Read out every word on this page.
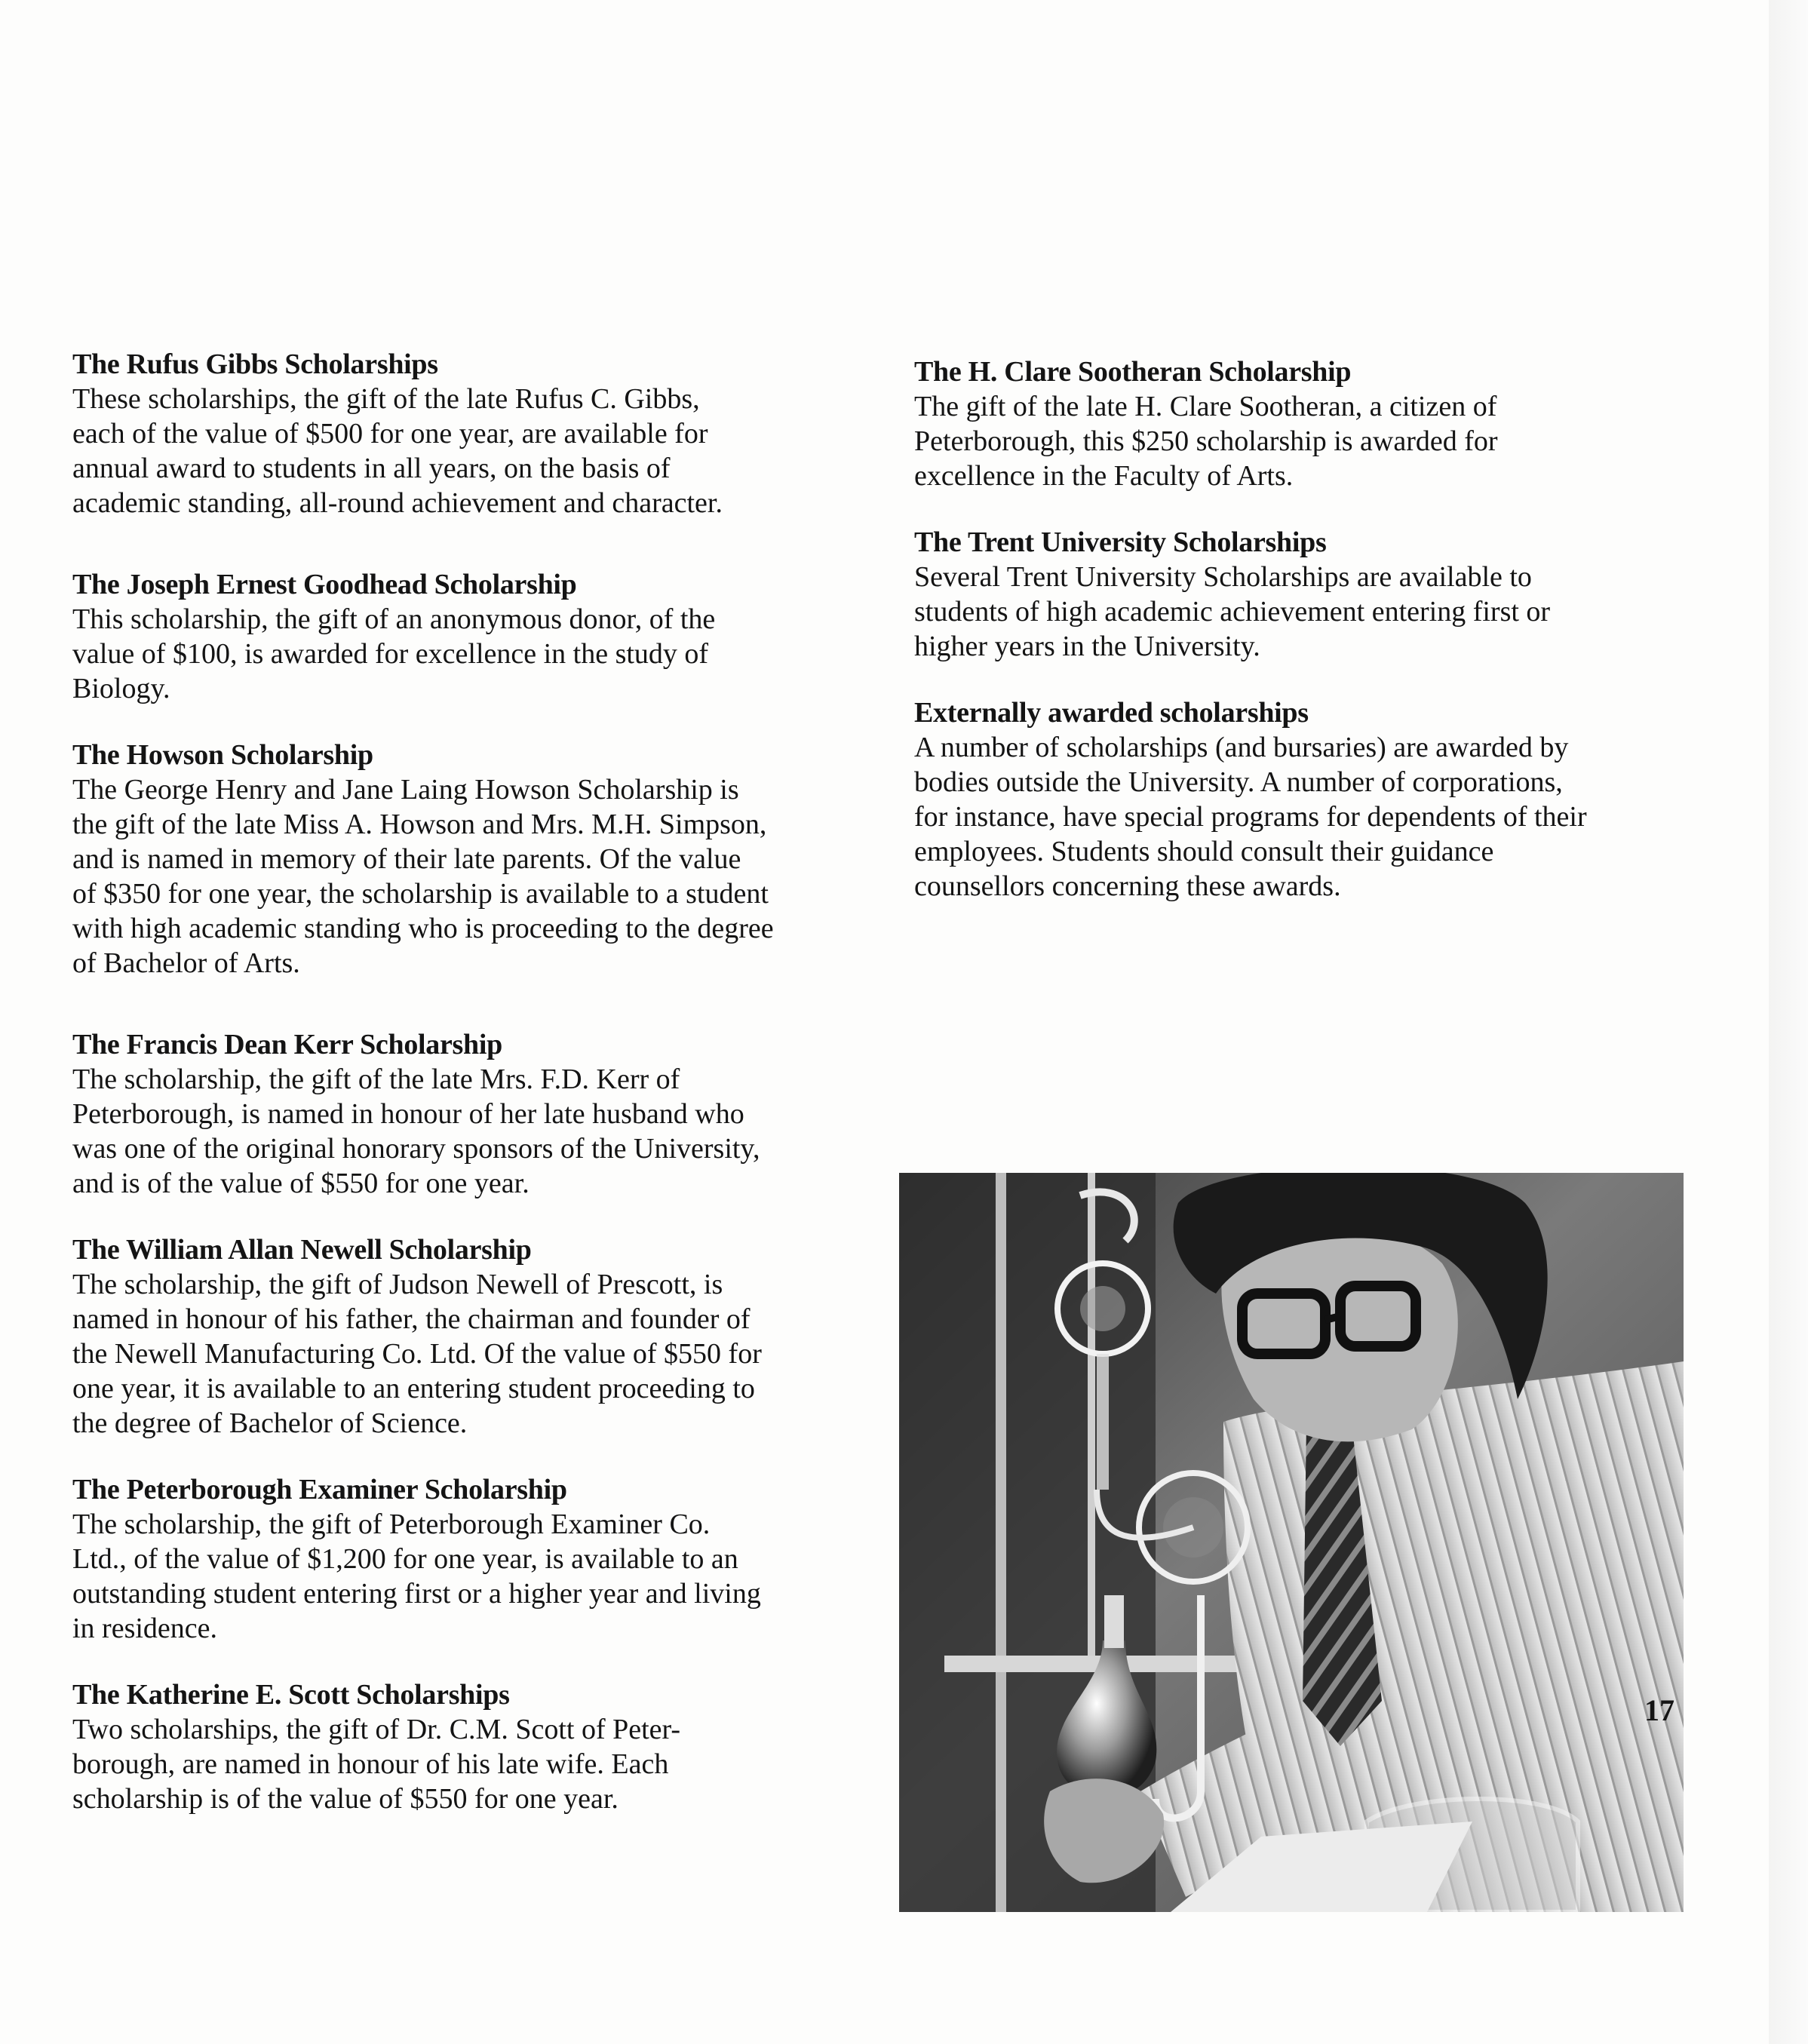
The Rufus Gibbs Scholarships

These scholarships, the gift of the late Rufus C. Gibbs,

each of the value of $500 for one year, are available for

annual award to students in all years, on the basis of

academic standing, all-round achievement and character.

The Joseph Ernest Goodhead Scholarship

This scholarship, the gift of an anonymous donor, of the

value of $100, is awarded for excellence in the study of

Biology.

The Howson Scholarship

The George Henry and Jane Laing Howson Scholarship is

the gift of the late Miss A. Howson and Mrs. M.H. Simpson,

and is named in memory of their late parents. Of the value

of $350 for one year, the scholarship is available to a student

with high academic standing who is proceeding to the degree

of Bachelor of Arts.

The Francis Dean Kerr Scholarship

The scholarship, the gift of the late Mrs. F.D. Kerr of

Peterborough, is named in honour of her late husband who

was one of the original honorary sponsors of the University,

and is of the value of $550 for one year.

The William Allan Newell Scholarship

The scholarship, the gift of Judson Newell of Prescott, is

named in honour of his father, the chairman and founder of

the Newell Manufacturing Co. Ltd. Of the value of $550 for

one year, it is available to an entering student proceeding to

the degree of Bachelor of Science.

The Peterborough Examiner Scholarship

The scholarship, the gift of Peterborough Examiner Co.

Ltd., of the value of $1,200 for one year, is available to an

outstanding student entering first or a higher year and living

in residence.

The Katherine E. Scott Scholarships

Two scholarships, the gift of Dr. C.M. Scott of Peter-

borough, are named in honour of his late wife. Each

scholarship is of the value of $550 for one year.

The H. Clare Sootheran Scholarship

The gift of the late H. Clare Sootheran, a citizen of

Peterborough, this $250 scholarship is awarded for

excellence in the Faculty of Arts.

The Trent University Scholarships

Several Trent University Scholarships are available to

students of high academic achievement entering first or

higher years in the University.

Externally awarded scholarships

A number of scholarships (and bursaries) are awarded by

bodies outside the University. A number of corporations,

for instance, have special programs for dependents of their

employees. Students should consult their guidance

counsellors concerning these awards.

17
